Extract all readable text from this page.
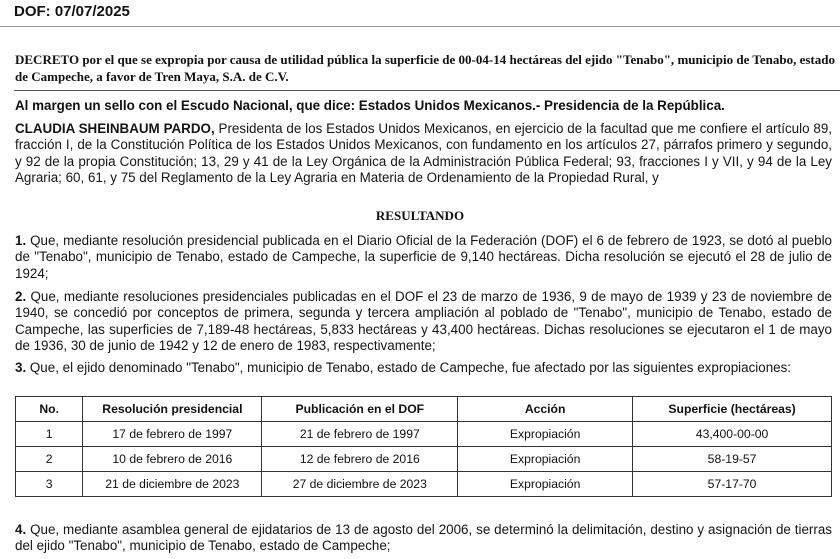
DOF: 07/07/2025
DECRETO por el que se expropia por causa de utilidad pública la superficie de 00-04-14 hectáreas del ejido "Tenabo", municipio de Tenabo, estado de Campeche, a favor de Tren Maya, S.A. de C.V.
Al margen un sello con el Escudo Nacional, que dice: Estados Unidos Mexicanos.- Presidencia de la República.
CLAUDIA SHEINBAUM PARDO, Presidenta de los Estados Unidos Mexicanos, en ejercicio de la facultad que me confiere el artículo 89, fracción I, de la Constitución Política de los Estados Unidos Mexicanos, con fundamento en los artículos 27, párrafos primero y segundo, y 92 de la propia Constitución; 13, 29 y 41 de la Ley Orgánica de la Administración Pública Federal; 93, fracciones I y VII, y 94 de la Ley Agraria; 60, 61, y 75 del Reglamento de la Ley Agraria en Materia de Ordenamiento de la Propiedad Rural, y
RESULTANDO
1. Que, mediante resolución presidencial publicada en el Diario Oficial de la Federación (DOF) el 6 de febrero de 1923, se dotó al pueblo de "Tenabo", municipio de Tenabo, estado de Campeche, la superficie de 9,140 hectáreas. Dicha resolución se ejecutó el 28 de julio de 1924;
2. Que, mediante resoluciones presidenciales publicadas en el DOF el 23 de marzo de 1936, 9 de mayo de 1939 y 23 de noviembre de 1940, se concedió por conceptos de primera, segunda y tercera ampliación al poblado de "Tenabo", municipio de Tenabo, estado de Campeche, las superficies de 7,189-48 hectáreas, 5,833 hectáreas y 43,400 hectáreas. Dichas resoluciones se ejecutaron el 1 de mayo de 1936, 30 de junio de 1942 y 12 de enero de 1983, respectivamente;
3. Que, el ejido denominado "Tenabo", municipio de Tenabo, estado de Campeche, fue afectado por las siguientes expropiaciones:
No.	Resolución presidencial	Publicación en el DOF	Acción	Superficie (hectáreas)
1	17 de febrero de 1997	21 de febrero de 1997	Expropiación	43,400-00-00
2	10 de febrero de 2016	12 de febrero de 2016	Expropiación	58-19-57
3	21 de diciembre de 2023	27 de diciembre de 2023	Expropiación	57-17-70
4. Que, mediante asamblea general de ejidatarios de 13 de agosto del 2006, se determinó la delimitación, destino y asignación de tierras del ejido "Tenabo", municipio de Tenabo, estado de Campeche;
